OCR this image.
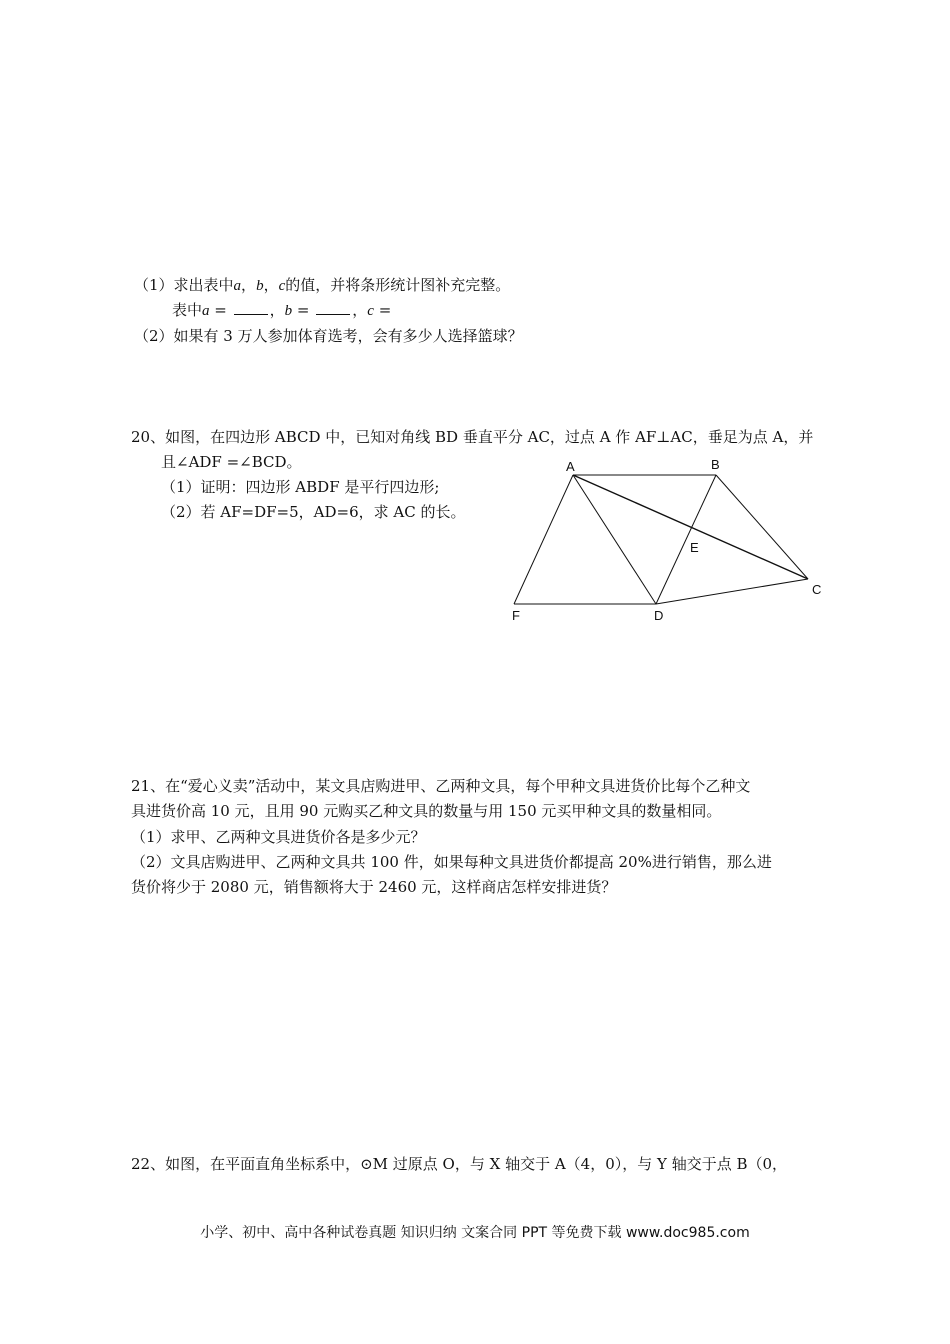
（1）求出表中a，b，c的值，并将条形统计图补充完整。
表中a =	，b =	，c =
（2）如果有 3 万人参加体育选考，会有多少人选择篮球？
20、如图，在四边形 ABCD 中，已知对角线 BD 垂直平分 AC，过点 A 作 AF⊥AC，垂足为点 A，并
且∠ADF =∠BCD。
（1）证明：四边形 ABDF 是平行四边形;
（2）若 AF=DF=5，AD=6，求 AC 的长。
A	B
C
D
E
F
21、在“爱心义卖”活动中，某文具店购进甲、乙两种文具，每个甲种文具进货价比每个乙种文
具进货价高 10 元，且用 90 元购买乙种文具的数量与用 150 元买甲种文具的数量相同。
（1）求甲、乙两种文具进货价各是多少元？
（2）文具店购进甲、乙两种文具共 100 件，如果每种文具进货价都提高 20%进行销售，那么进
货价将少于 2080 元，销售额将大于 2460 元，这样商店怎样安排进货？
22、如图，在平面直角坐标系中，⊙M 过原点 O，与 X 轴交于 A（4，0），与 Y 轴交于点 B（0，
小学、初中、高中各种试卷真题 知识归纳 文案合同 PPT 等免费下载 www.doc985.com
